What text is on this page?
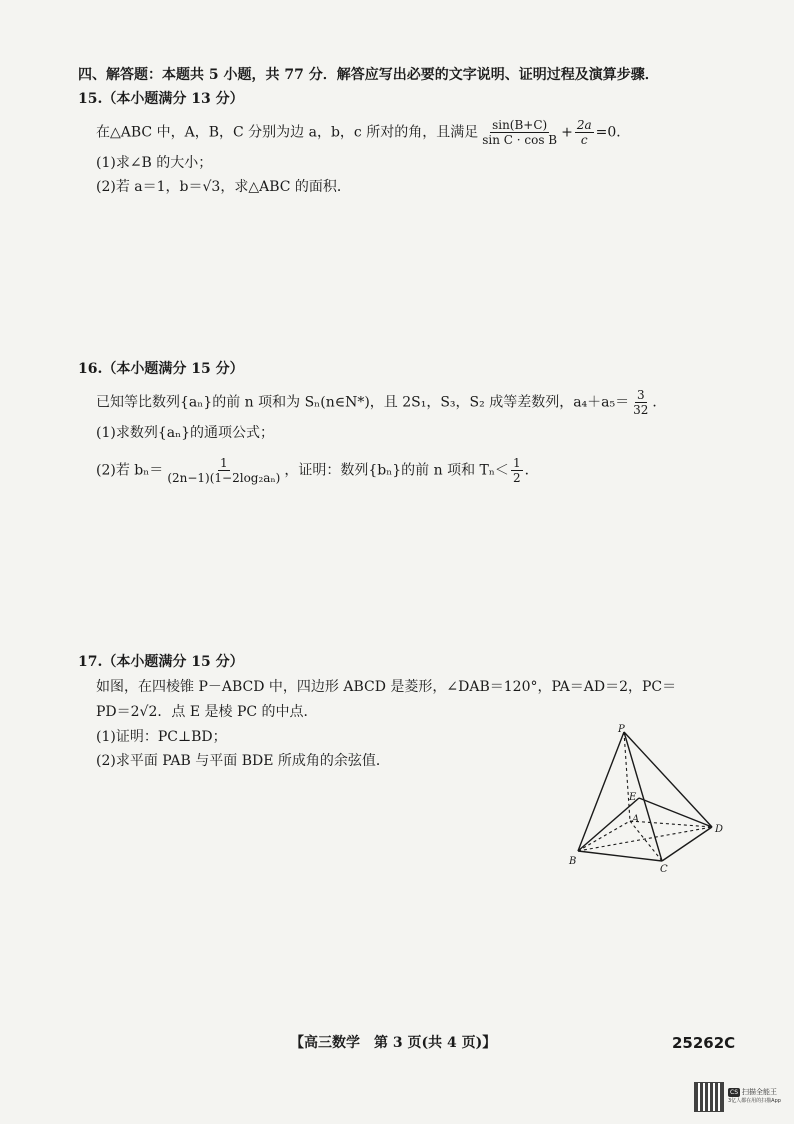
四、解答题：本题共 5 小题，共 77 分．解答应写出必要的文字说明、证明过程及演算步骤．
15.（本小题满分 13 分）
在△ABC 中，A，B，C 分别为边 a，b，c 所对的角，且满足 $\frac{\sin(B+C)}{\text{sin C · cos B}} + \frac{2a}{c} =0$．
(1)求∠B 的大小；
(2)若 a＝1，b＝√3，求△ABC 的面积．
16.（本小题满分 15 分）
已知等比数列{aₙ}的前 n 项和为 Sₙ(n∈N*)，且 2S₁，S₃，S₂ 成等差数列，$a_4+a_5= \frac{3}{32}$ ．
(1)求数列{aₙ}的通项公式；
(2)若 $b_n= \frac{1}{\text{(2n−1)(1−2log₂aₙ)}}$ ，证明：数列{bₙ}的前 n 项和 $T_n< \frac{1}{2}$ ．
17.（本小题满分 15 分）
如图，在四棱锥 P－ABCD 中，四边形 ABCD 是菱形，∠DAB＝120°，PA＝AD＝2，PC＝
PD＝2√2．点 E 是棱 PC 的中点．
(1)证明：PC⊥BD；
(2)求平面 PAB 与平面 BDE 所成角的余弦值．
P
E
A
B
C
D
【高三数学　第 3 页(共 4 页)】	25262C
CS 扫描全能王
3亿人都在用的扫描App
